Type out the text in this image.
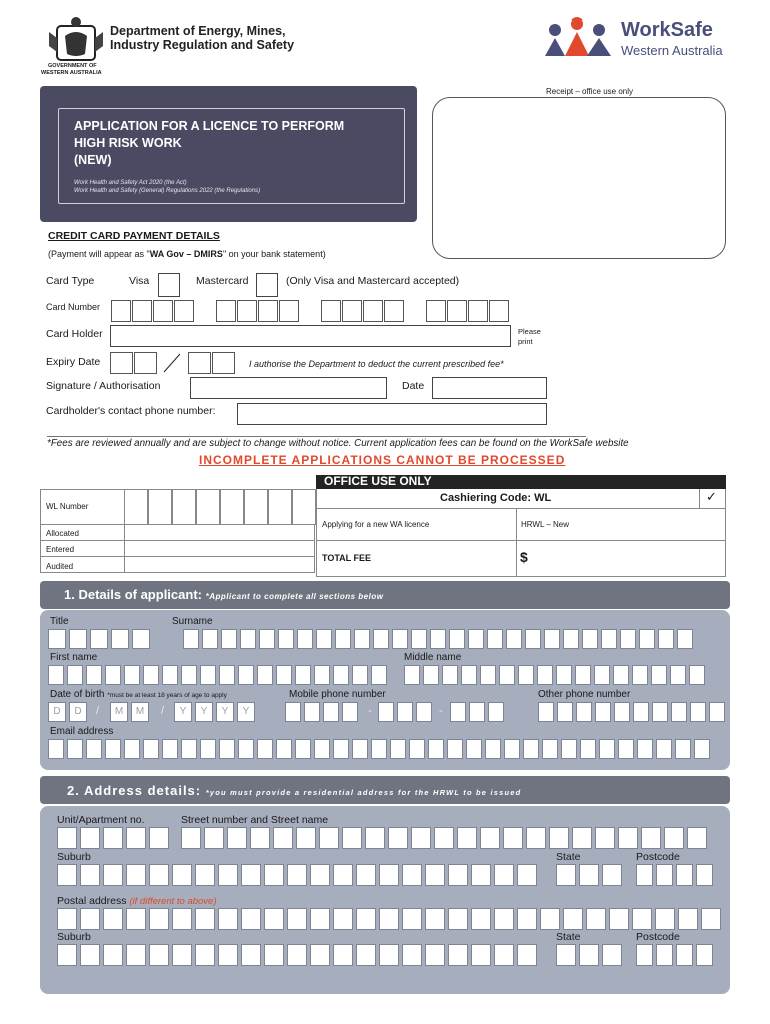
Department of Energy, Mines,
Industry Regulation and Safety
GOVERNMENT OF
WESTERN AUSTRALIA
WorkSafe
Western Australia
Receipt – office use only
APPLICATION FOR A LICENCE TO PERFORM
HIGH RISK WORK
(NEW)
Work Health and Safety Act 2020 (the Act)
Work Health and Safety (General) Regulations 2022 (the Regulations)
CREDIT CARD PAYMENT DETAILS
(Payment will appear as "WA Gov – DMIRS" on your bank statement)
Card Type	Visa	Mastercard	(Only Visa and Mastercard accepted)
Card Number
Card Holder	Please
print
Expiry Date	I authorise the Department to deduct the current prescribed fee*
Signature / Authorisation	Date
Cardholder's contact phone number:
*Fees are reviewed annually and are subject to change without notice. Current application fees can be found on the WorkSafe website
INCOMPLETE APPLICATIONS CANNOT BE PROCESSED
OFFICE USE ONLY
WL Number
Allocated
Entered
Audited
Cashiering Code: WL	✓
Applying for a new WA licence	HRWL – New
TOTAL FEE	$
1. Details of applicant: *Applicant to complete all sections below
Title	Surname
First name	Middle name
Date of birth *must be at least 18 years of age to apply
D	D	/	M	M	/	Y	Y	Y	Y
Mobile phone number
-	-
Other phone number
Email address
2. Address details: *you must provide a residential address for the HRWL to be issued
Unit/Apartment no.	Street number and Street name
Suburb	State	Postcode
Postal address (if different to above)
Suburb	State	Postcode
